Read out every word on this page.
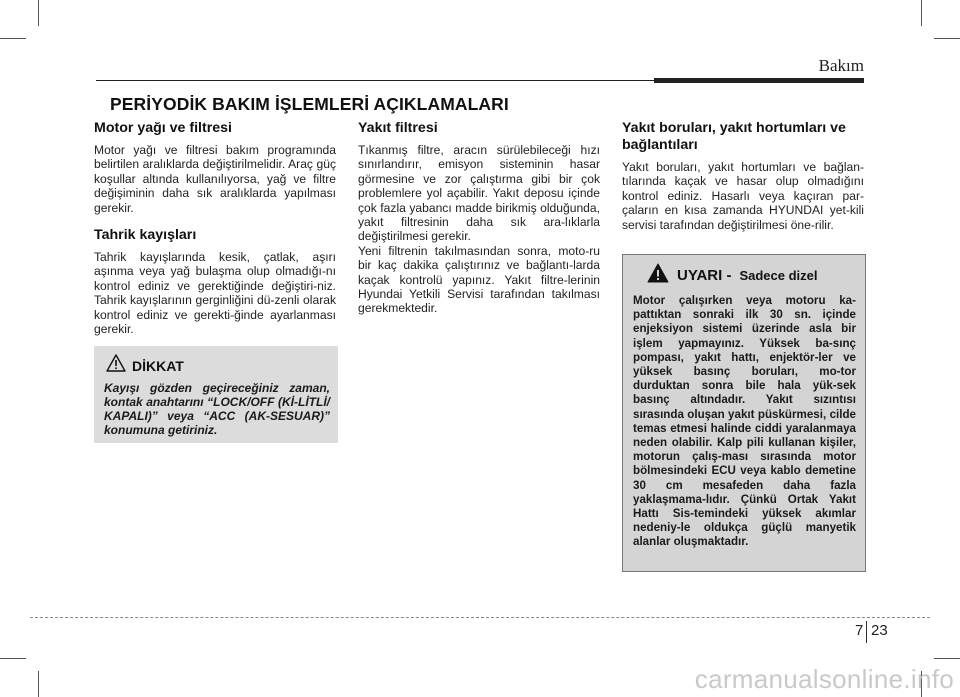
Bakım
PERİYODİK BAKIM İŞLEMLERİ AÇIKLAMALARI
Motor yağı ve filtresi

Motor yağı ve filtresi bakım programında belirtilen aralıklarda değiştirilmelidir. Araç güç koşullar altında kullanılıyorsa, yağ ve filtre değişiminin daha sık aralıklarda yapılması gerekir.

Tahrik kayışları

Tahrik kayışlarında kesik, çatlak, aşırı aşınma veya yağ bulaşma olup olmadığı-nı kontrol ediniz ve gerektiğinde değiştiri-niz. Tahrik kayışlarının gerginliğini dü-zenli olarak kontrol ediniz ve gerekti-ğinde ayarlanması gerekir.

DİKKAT
Kayışı gözden geçireceğiniz zaman, kontak anahtarını “LOCK/OFF (Kİ-LİTLİ/ KAPALI)” veya “ACC (AK-SESUAR)” konumuna getiriniz.
Yakıt filtresi

Tıkanmış filtre, aracın sürülebileceği hızı sınırlandırır, emisyon sisteminin hasar görmesine ve zor çalıştırma gibi bir çok problemlere yol açabilir. Yakıt deposu içinde çok fazla yabancı madde birikmiş olduğunda, yakıt filtresinin daha sık ara-lıklarla değiştirilmesi gerekir.

Yeni filtrenin takılmasından sonra, moto-ru bir kaç dakika çalıştırınız ve bağlantı-larda kaçak kontrolü yapınız. Yakıt filtre-lerinin Hyundai Yetkili Servisi tarafından takılması gerekmektedir.

Yakıt boruları, yakıt hortumları ve bağlantıları

Yakıt boruları, yakıt hortumları ve bağlan-tılarında kaçak ve hasar olup olmadığını kontrol ediniz. Hasarlı veya kaçıran par-çaların en kısa zamanda HYUNDAI yet-kili servisi tarafından değiştirilmesi öne-rilir.

UYARI - Sadece dizel
Motor çalışırken veya motoru ka-pattıktan sonraki ilk 30 sn. içinde enjeksiyon sistemi üzerinde asla bir işlem yapmayınız. Yüksek ba-sınç pompası, yakıt hattı, enjektör-ler ve yüksek basınç boruları, mo-tor durduktan sonra bile hala yük-sek basınç altındadır. Yakıt sızıntısı sırasında oluşan yakıt püskürmesi, cilde temas etmesi halinde ciddi yaralanmaya neden olabilir. Kalp pili kullanan kişiler, motorun çalış-ması sırasında motor bölmesindeki ECU veya kablo demetine 30 cm mesafeden daha fazla yaklaşmama-lıdır. Çünkü Ortak Yakıt Hattı Sis-temindeki yüksek akımlar nedeniy-le oldukça güçlü manyetik alanlar oluşmaktadır.
7 23
carmanualsonline.info
